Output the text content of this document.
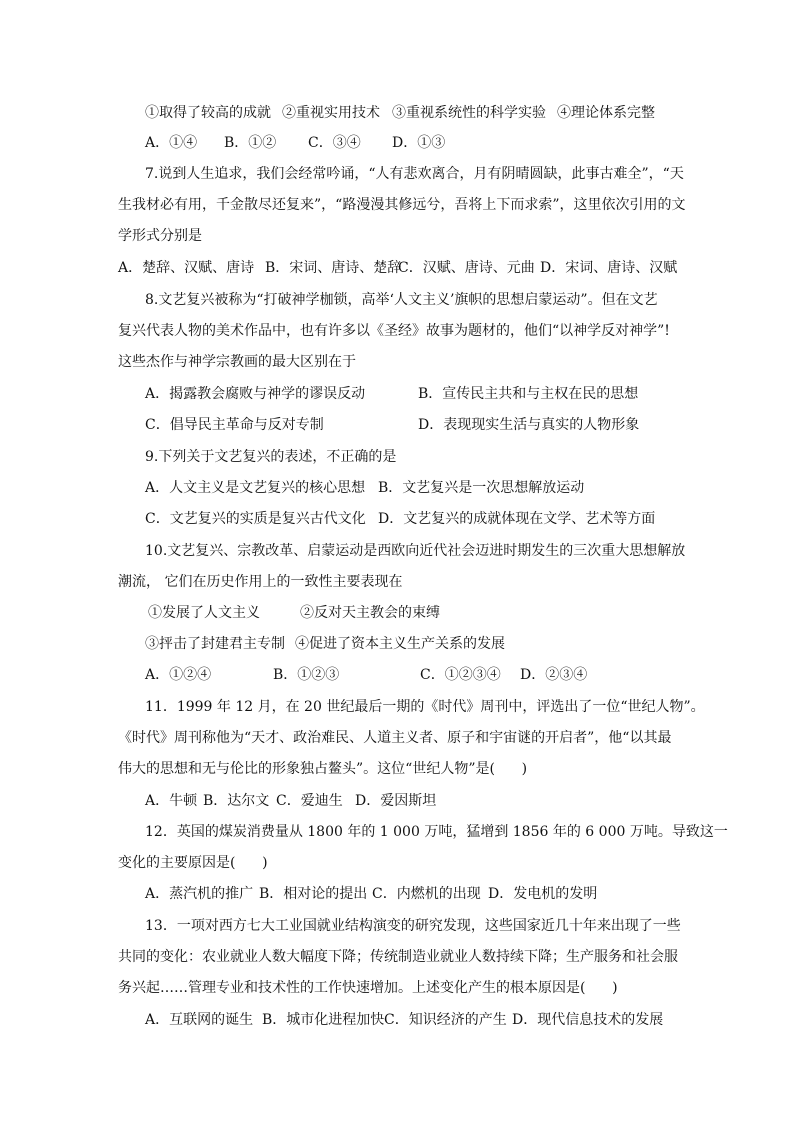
①取得了较高的成就 ②重视实用技术 ③重视系统性的科学实验 ④理论体系完整
A．①④ B．①② C．③④ D．①③
7.说到人生追求，我们会经常吟诵，“人有悲欢离合，月有阴晴圆缺，此事古难全”，“天
生我材必有用，千金散尽还复来”，“路漫漫其修远兮，吾将上下而求索”，这里依次引用的文
学形式分别是
A．楚辞、汉赋、唐诗 B．宋词、唐诗、楚辞
C．汉赋、唐诗、元曲 D．宋词、唐诗、汉赋
8.文艺复兴被称为“打破神学枷锁，高举‘人文主义’旗帜的思想启蒙运动”。但在文艺
复兴代表人物的美术作品中，也有许多以《圣经》故事为题材的，他们“以神学反对神学”!
这些杰作与神学宗教画的最大区别在于
A．揭露教会腐败与神学的谬误反动	B．宣传民主共和与主权在民的思想
C．倡导民主革命与反对专制	D．表现现实生活与真实的人物形象
9.下列关于文艺复兴的表述，不正确的是
A．人文主义是文艺复兴的核心思想 B．文艺复兴是一次思想解放运动
C．文艺复兴的实质是复兴古代文化 D．文艺复兴的成就体现在文学、艺术等方面
10.文艺复兴、宗教改革、启蒙运动是西欧向近代社会迈进时期发生的三次重大思想解放
潮流， 它们在历史作用上的一致性主要表现在
①发展了人文主义	②反对天主教会的束缚
③抨击了封建君主专制 ④促进了资本主义生产关系的发展
A．①②④	B．①②③	C．①②③④ D．②③④
11．1999 年 12 月，在 20 世纪最后一期的《时代》周刊中，评选出了一位“世纪人物”。
《时代》周刊称他为“天才、政治难民、人道主义者、原子和宇宙谜的开启者”，他“以其最
伟大的思想和无与伦比的形象独占鳌头”。这位“世纪人物”是(      )
A．牛顿 B．达尔文 C．爱迪生 D．爱因斯坦
12．英国的煤炭消费量从 1800 年的 1 000 万吨，猛增到 1856 年的 6 000 万吨。导致这一
变化的主要原因是(      )
A．蒸汽机的推广 B．相对论的提出 C．内燃机的出现 D．发电机的发明
13．一项对西方七大工业国就业结构演变的研究发现，这些国家近几十年来出现了一些
共同的变化：农业就业人数大幅度下降；传统制造业就业人数持续下降；生产服务和社会服
务兴起……管理专业和技术性的工作快速增加。上述变化产生的根本原因是(      )
A．互联网的诞生 B．城市化进程加快 C．知识经济的产生 D．现代信息技术的发展
